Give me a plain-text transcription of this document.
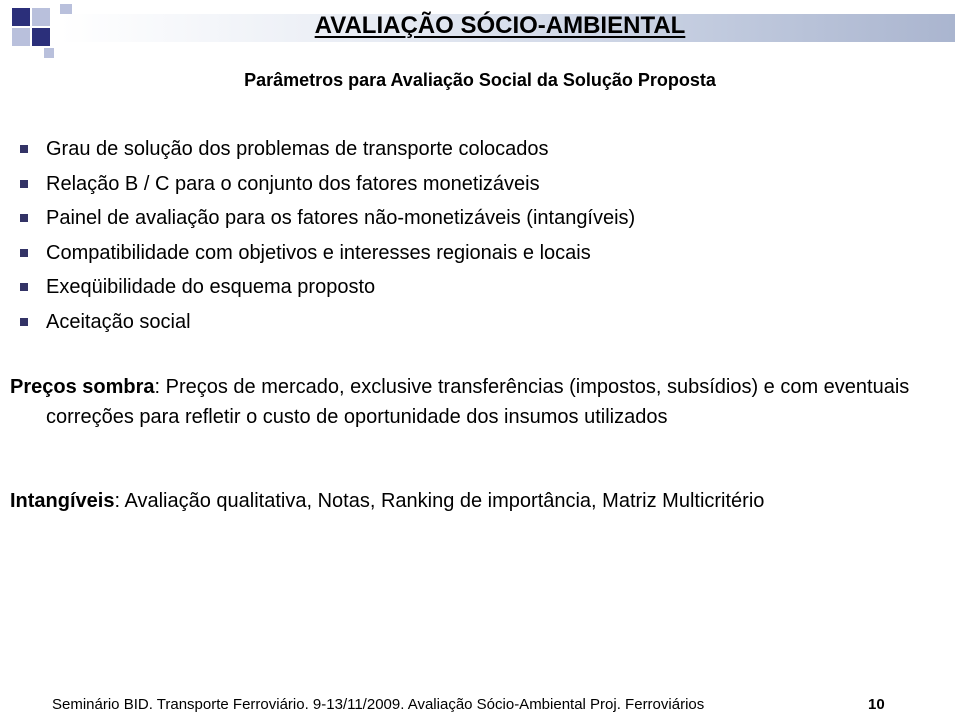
AVALIAÇÃO SÓCIO-AMBIENTAL
Parâmetros para Avaliação Social da Solução Proposta
Grau de solução dos problemas de transporte colocados
Relação B / C para o conjunto dos fatores monetizáveis
Painel de avaliação para os fatores não-monetizáveis (intangíveis)
Compatibilidade com objetivos e interesses regionais e locais
Exeqüibilidade do esquema proposto
Aceitação social
Preços sombra: Preços de mercado, exclusive transferências (impostos, subsídios) e com eventuais correções para refletir o custo de oportunidade dos insumos utilizados
Intangíveis: Avaliação qualitativa, Notas, Ranking de importância, Matriz Multicritério
Seminário BID. Transporte Ferroviário. 9-13/11/2009. Avaliação Sócio-Ambiental Proj. Ferroviários	10
